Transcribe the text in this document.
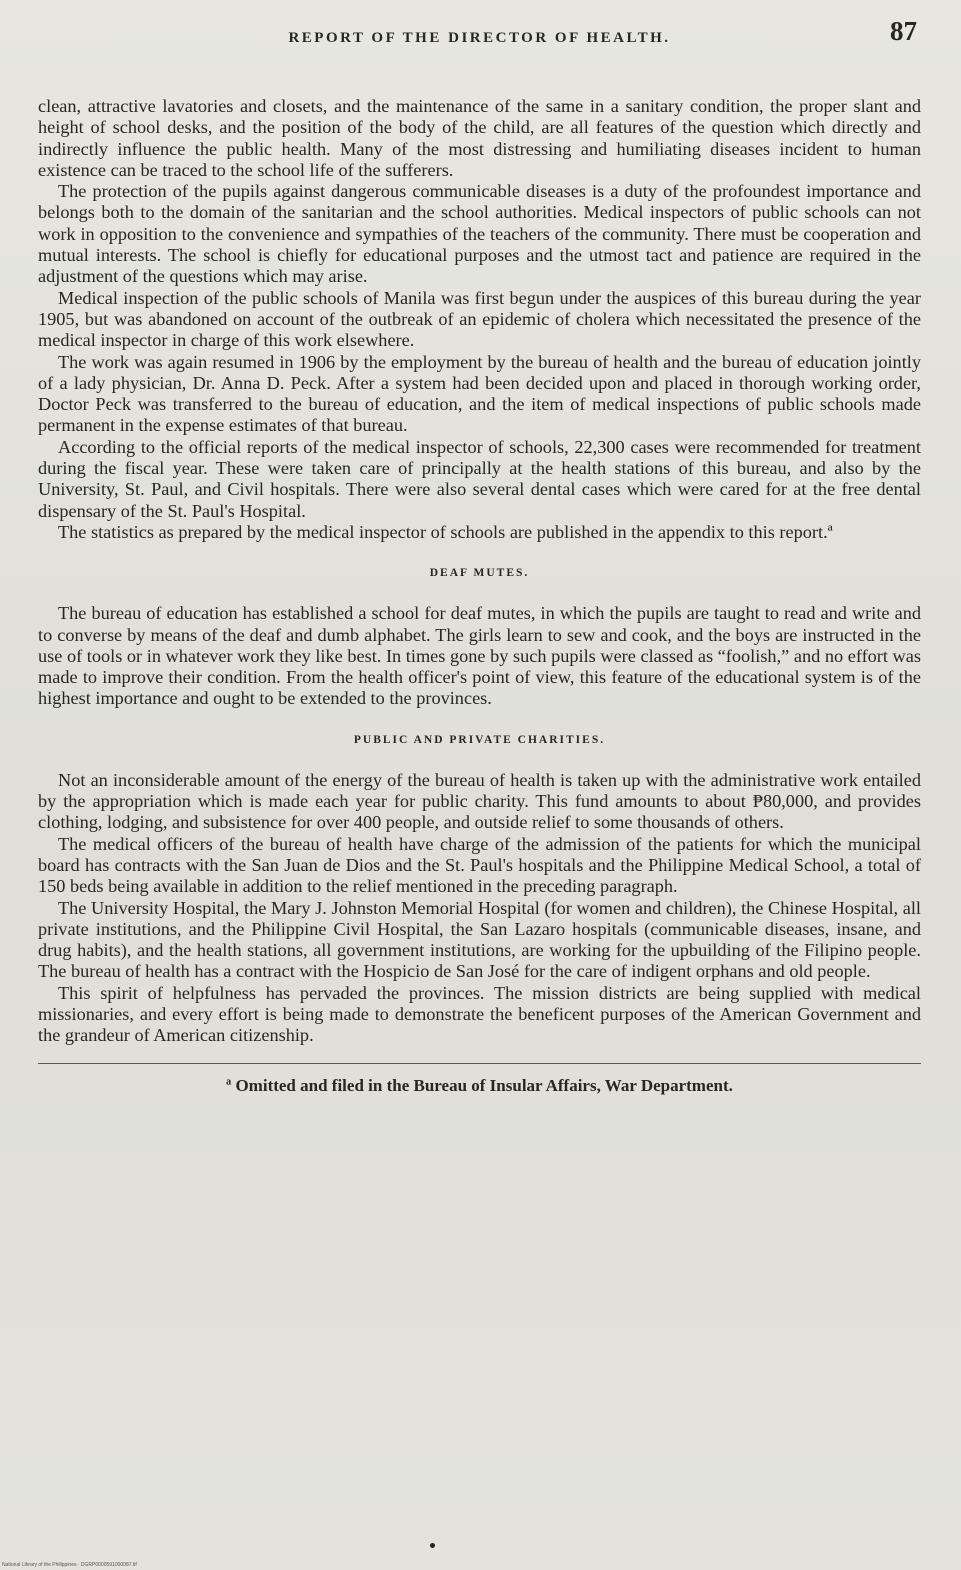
REPORT OF THE DIRECTOR OF HEALTH.	87

clean, attractive lavatories and closets, and the maintenance of the same in a sanitary condition, the proper slant and height of school desks, and the position of the body of the child, are all features of the question which directly and indirectly influence the public health. Many of the most distressing and humiliating diseases incident to human existence can be traced to the school life of the sufferers.

The protection of the pupils against dangerous communicable diseases is a duty of the profoundest importance and belongs both to the domain of the sanitarian and the school authorities. Medical inspectors of public schools can not work in opposition to the convenience and sympathies of the teachers of the community. There must be cooperation and mutual interests. The school is chiefly for educational purposes and the utmost tact and patience are required in the adjustment of the questions which may arise.

Medical inspection of the public schools of Manila was first begun under the auspices of this bureau during the year 1905, but was abandoned on account of the outbreak of an epidemic of cholera which necessitated the presence of the medical inspector in charge of this work elsewhere.

The work was again resumed in 1906 by the employment by the bureau of health and the bureau of education jointly of a lady physician, Dr. Anna D. Peck. After a system had been decided upon and placed in thorough working order, Doctor Peck was transferred to the bureau of education, and the item of medical inspections of public schools made permanent in the expense estimates of that bureau.

According to the official reports of the medical inspector of schools, 22,300 cases were recommended for treatment during the fiscal year. These were taken care of principally at the health stations of this bureau, and also by the University, St. Paul, and Civil hospitals. There were also several dental cases which were cared for at the free dental dispensary of the St. Paul's Hospital.

The statistics as prepared by the medical inspector of schools are published in the appendix to this report.ª

DEAF MUTES.

The bureau of education has established a school for deaf mutes, in which the pupils are taught to read and write and to converse by means of the deaf and dumb alphabet. The girls learn to sew and cook, and the boys are instructed in the use of tools or in whatever work they like best. In times gone by such pupils were classed as “foolish,” and no effort was made to improve their condition. From the health officer's point of view, this feature of the educational system is of the highest importance and ought to be extended to the provinces.

PUBLIC AND PRIVATE CHARITIES.

Not an inconsiderable amount of the energy of the bureau of health is taken up with the administrative work entailed by the appropriation which is made each year for public charity. This fund amounts to about ₱80,000, and provides clothing, lodging, and subsistence for over 400 people, and outside relief to some thousands of others.

The medical officers of the bureau of health have charge of the admission of the patients for which the municipal board has contracts with the San Juan de Dios and the St. Paul's hospitals and the Philippine Medical School, a total of 150 beds being available in addition to the relief mentioned in the preceding paragraph.

The University Hospital, the Mary J. Johnston Memorial Hospital (for women and children), the Chinese Hospital, all private institutions, and the Philippine Civil Hospital, the San Lazaro hospitals (communicable diseases, insane, and drug habits), and the health stations, all government institutions, are working for the upbuilding of the Filipino people. The bureau of health has a contract with the Hospicio de San José for the care of indigent orphans and old people.

This spirit of helpfulness has pervaded the provinces. The mission districts are being supplied with medical missionaries, and every effort is being made to demonstrate the beneficent purposes of the American Government and the grandeur of American citizenship.

ª Omitted and filed in the Bureau of Insular Affairs, War Department.
National Library of the Philippines · DGRP0000591000087.tif
